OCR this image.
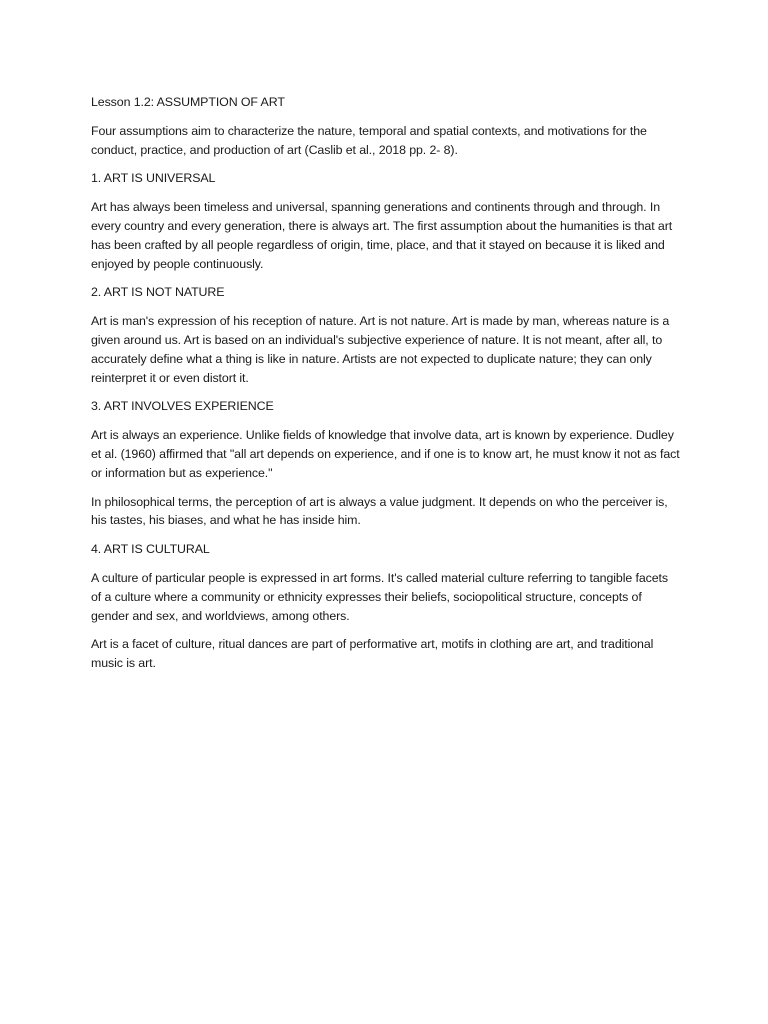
Lesson 1.2: ASSUMPTION OF ART

Four assumptions aim to characterize the nature, temporal and spatial contexts, and motivations for the conduct, practice, and production of art (Caslib et al., 2018 pp. 2- 8).

1. ART IS UNIVERSAL

Art has always been timeless and universal, spanning generations and continents through and through. In every country and every generation, there is always art. The first assumption about the humanities is that art has been crafted by all people regardless of origin, time, place, and that it stayed on because it is liked and enjoyed by people continuously.

2. ART IS NOT NATURE

Art is man's expression of his reception of nature. Art is not nature. Art is made by man, whereas nature is a given around us. Art is based on an individual's subjective experience of nature. It is not meant, after all, to accurately define what a thing is like in nature. Artists are not expected to duplicate nature; they can only reinterpret it or even distort it.

3. ART INVOLVES EXPERIENCE

Art is always an experience. Unlike fields of knowledge that involve data, art is known by experience. Dudley et al. (1960) affirmed that "all art depends on experience, and if one is to know art, he must know it not as fact or information but as experience."

In philosophical terms, the perception of art is always a value judgment. It depends on who the perceiver is, his tastes, his biases, and what he has inside him.

4. ART IS CULTURAL

A culture of particular people is expressed in art forms. It's called material culture referring to tangible facets of a culture where a community or ethnicity expresses their beliefs, sociopolitical structure, concepts of gender and sex, and worldviews, among others.

Art is a facet of culture, ritual dances are part of performative art, motifs in clothing are art, and traditional music is art.
